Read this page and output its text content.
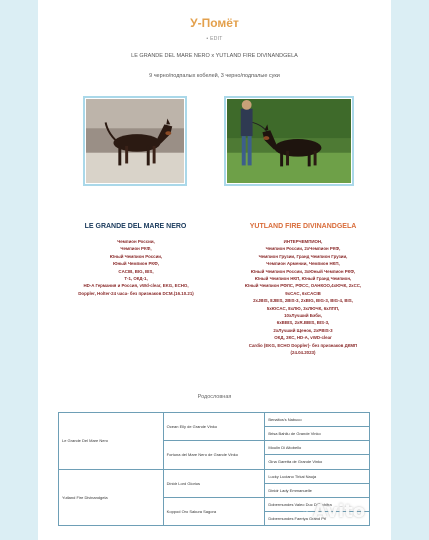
У-Помёт
• EDIT
LE GRANDE DEL MARE NERO х YUTLAND FIRE DIVINANDGELA
9 черно/подпалых кобелей, 3 черно/подпалые суки
LE GRANDE DEL MARE NERO
Чемпион России,
Чемпион РКФ,
Юный Чемпион России,
Юный Чемпион РКФ,
CACIB, BIG, BIS,
Т-1, ОКД-1,
HD-A Германия и Россия, vWd-clear, EKG, ECHO,
Doppler, Holter-24 часа- без признаков DCM.(16.10.21)
YUTLAND FIRE DIVINANDGELA
ИНТЕРЧЕМПИОН,
Чемпион России, 2хЧемпион РКФ,
Чемпион Грузии, Гранд Чемпион Грузии,
Чемпион Армении, Чемпион НКП,
Юный Чемпион России, 3хЮный Чемпион РКФ,
Юный Чемпион НКП, Юный Гранд Чемпион,
Юный Чемпион РФЛС, РФСС, ОАНКОО,4хЮЧК, 2хСС,
9хCAC, 6хCACIB
2хJBIS, 8JBIS, 2BIS-3, 2хBIG, BIG-3, BIG-4, BIS,
5хЮCAC, 8хЛЮ, 3хЛЮЧК, 6хЛПП,
10хЛучший Бэби,
6хBBIS, 2хR.BBIS, BIS-3,
2хЛучший Щенок, 2хPBIS-3
ОКД, ЗКС, HD-A, vWD-clear
Cardio (EKG, ECHO Doppler)- без признаков ДКМП
(24.04.2023)
Родословная
Le Grande Del Mare Nero	Ocean Elly de Grande Vinko	Benaltos's Nabuco
		Brisa Bahilu de Grande Vinko
	Fortuna del Mare Nero de Grande Vinko	Moulin Di Altobello
		Gina Garetta de Grande Vinko
Yutland Fire Divinandgela	Dinidr Lord Glorius	Lucky Luciano Tirkai Nauja
		Dinidr Lady Emmanuelle
	Koppod Oro Sakura Sagora	Dobermundes Valeo Duc D'Orchifra
		Dobermundes Faeriya Grand Pri
Avito
